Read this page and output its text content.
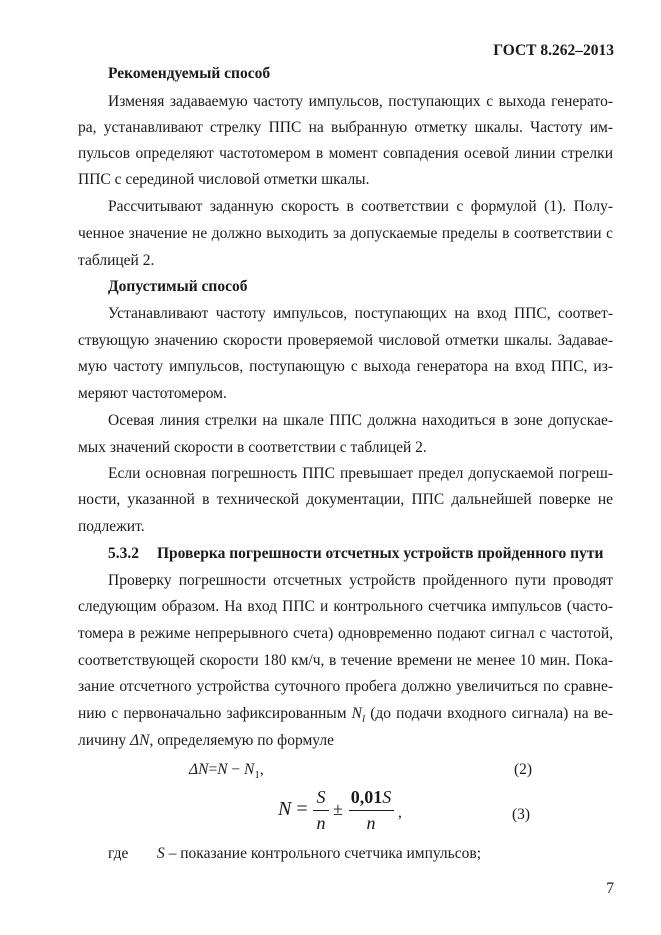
ГОСТ 8.262–2013
Рекомендуемый способ
Изменяя задаваемую частоту импульсов, поступающих с выхода генерато-
ра, устанавливают стрелку ППС на выбранную отметку шкалы. Частоту им-
пульсов определяют частотомером в момент совпадения осевой линии стрелки
ППС с серединой числовой отметки шкалы.
Рассчитывают заданную скорость в соответствии с формулой (1). Полу-
ченное значение не должно выходить за допускаемые пределы в соответствии с
таблицей 2.
Допустимый способ
Устанавливают частоту импульсов, поступающих на вход ППС, соответ-
ствующую значению скорости проверяемой числовой отметки шкалы. Задавае-
мую частоту импульсов, поступающую с выхода генератора на вход ППС, из-
меряют частотомером.
Осевая линия стрелки на шкале ППС должна находиться в зоне допускае-
мых значений скорости в соответствии с таблицей 2.
Если основная погрешность ППС превышает предел допускаемой погреш-
ности, указанной в технической документации, ППС дальнейшей поверке не
подлежит.
5.3.2 Проверка погрешности отсчетных устройств пройденного пути
Проверку погрешности отсчетных устройств пройденного пути проводят
следующим образом. На вход ППС и контрольного счетчика импульсов (часто-
томера в режиме непрерывного счета) одновременно подают сигнал с частотой,
соответствующей скорости 180 км/ч, в течение времени не менее 10 мин. Пока-
зание отсчетного устройства суточного пробега должно увеличиться по сравне-
нию с первоначально зафиксированным $N_l$ (до подачи входного сигнала) на ве-
личину ΔN, определяемую по формуле
$\Delta N=N - N_1$,	(2)
N =
S
n
±
0,01S
n
,	(3)
где S – показание контрольного счетчика импульсов;
7
